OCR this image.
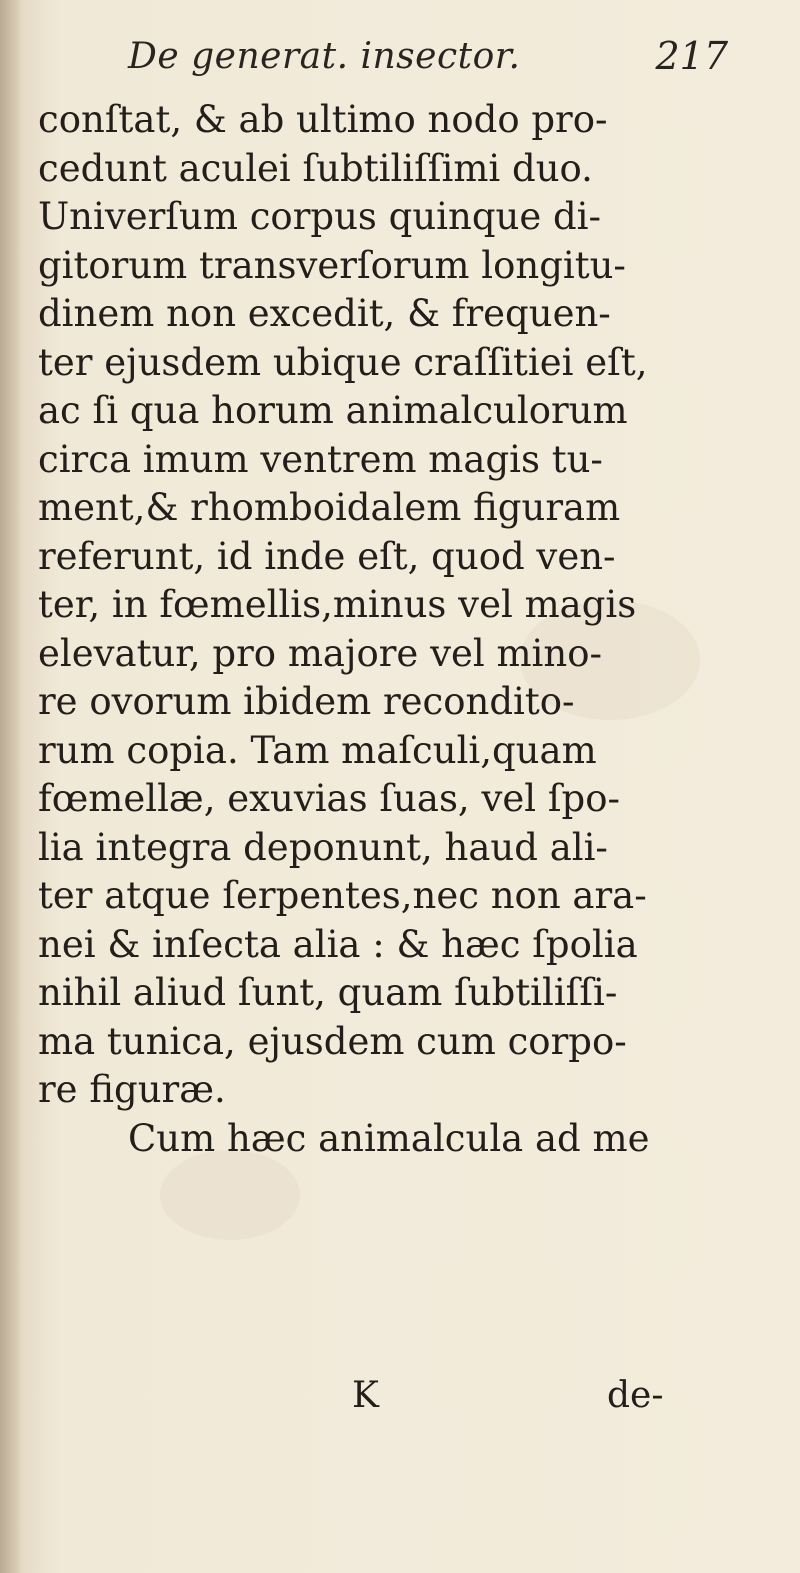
De generat. insector.	217
conſtat, & ab ultimo nodo pro-
cedunt aculei ſubtiliſſimi duo.
Univerſum corpus quinque di-
gitorum transverſorum longitu-
dinem non excedit, & frequen-
ter ejusdem ubique craſſitiei eſt,
ac ſi qua horum animalculorum
circa imum ventrem magis tu-
ment,& rhomboidalem figuram
referunt, id inde eſt, quod ven-
ter, in fœmellis,minus vel magis
elevatur, pro majore vel mino-
re ovorum ibidem recondito-
rum copia. Tam maſculi,quam
fœmellæ, exuvias ſuas, vel ſpo-
lia integra deponunt, haud ali-
ter atque ſerpentes,nec non ara-
nei & inſecta alia : & hæc ſpolia
nihil aliud ſunt, quam ſubtiliſſi-
ma tunica, ejusdem cum corpo-
re figuræ.
Cum hæc animalcula ad me
K	de-
